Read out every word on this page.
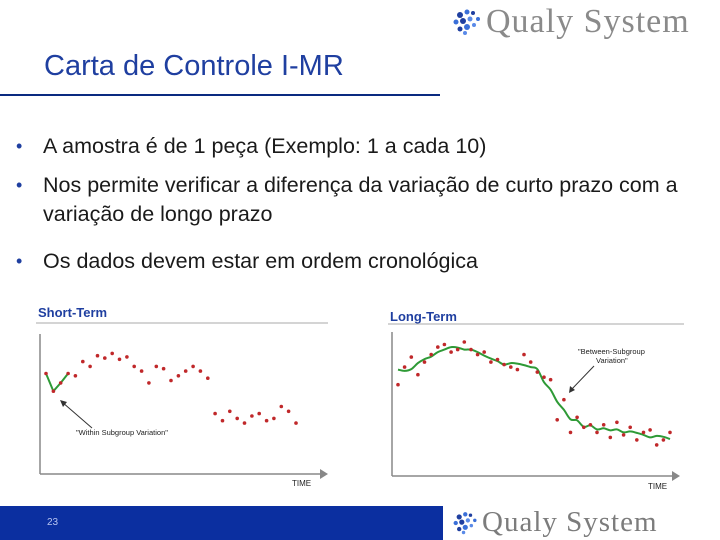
Qualy System
Carta de Controle I-MR
• A amostra é de 1 peça (Exemplo: 1 a cada 10)
• Nos permite verificar a diferença da variação de curto prazo com a variação de longo prazo
• Os dados devem estar em ordem cronológica
Short-Term
TIME
"Within Subgroup Variation"
Long-Term
TIME
"Between-Subgroup
Variation"
23	Qualy System
